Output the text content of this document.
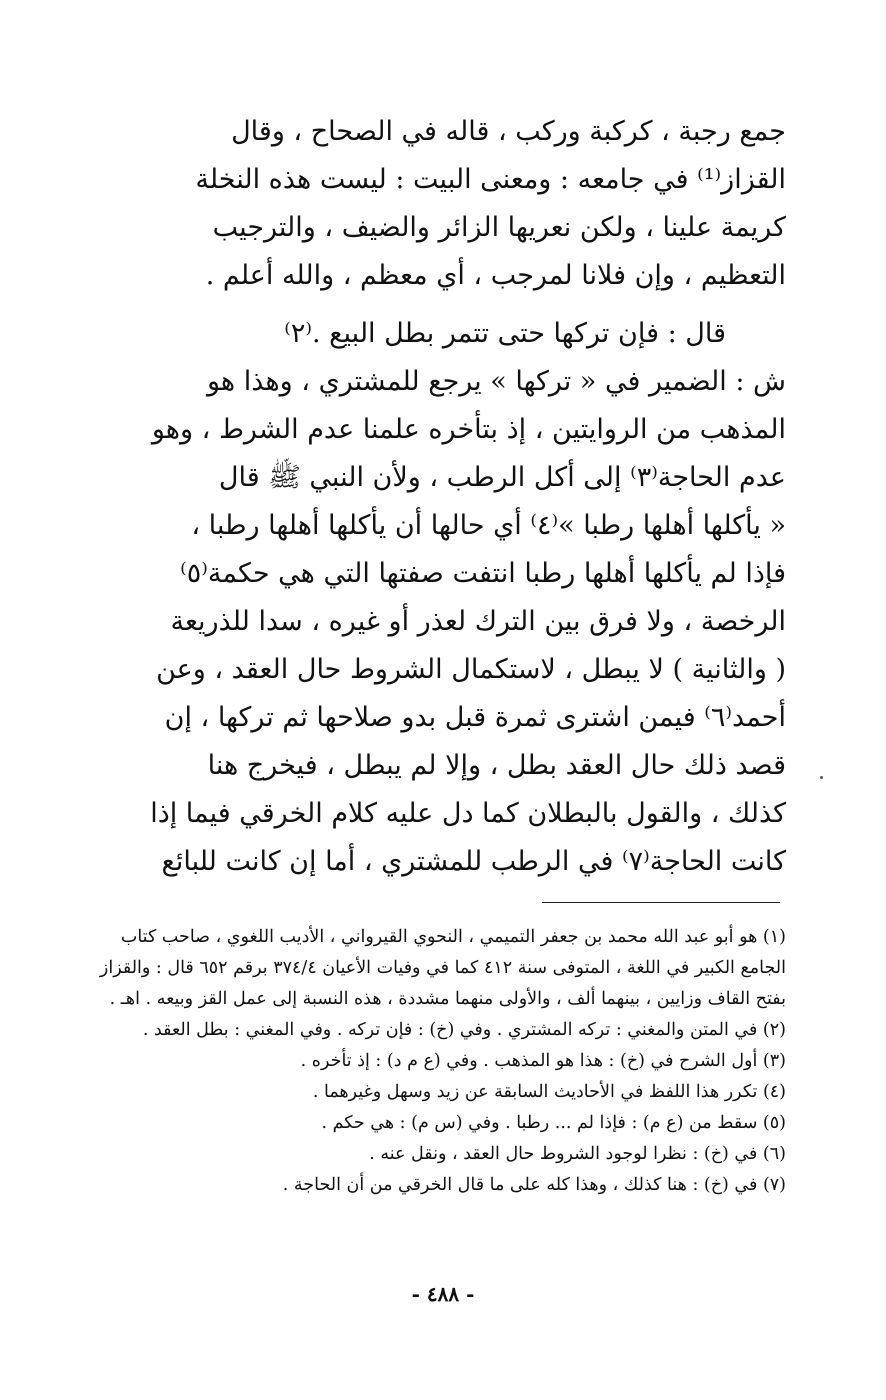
جمع رجبة ، كركبة وركب ، قاله في الصحاح ، وقال
القزاز⁽¹⁾ في جامعه : ومعنى البيت : ليست هذه النخلة
كريمة علينا ، ولكن نعريها الزائر والضيف ، والترجيب
التعظيم ، وإن فلانا لمرجب ، أي معظم ، والله أعلم .
قال : فإن تركها حتى تتمر بطل البيع .⁽٢⁾
ش : الضمير في « تركها » يرجع للمشتري ، وهذا هو
المذهب من الروايتين ، إذ بتأخره علمنا عدم الشرط ، وهو
عدم الحاجة⁽٣⁾ إلى أكل الرطب ، ولأن النبي ﷺ قال
« يأكلها أهلها رطبا »⁽٤⁾ أي حالها أن يأكلها أهلها رطبا ،
فإذا لم يأكلها أهلها رطبا انتفت صفتها التي هي حكمة⁽٥⁾
الرخصة ، ولا فرق بين الترك لعذر أو غيره ، سدا للذريعة
( والثانية ) لا يبطل ، لاستكمال الشروط حال العقد ، وعن
أحمد⁽٦⁾ فيمن اشترى ثمرة قبل بدو صلاحها ثم تركها ، إن
قصد ذلك حال العقد بطل ، وإلا لم يبطل ، فيخرج هنا
كذلك ، والقول بالبطلان كما دل عليه كلام الخرقي فيما إذا
كانت الحاجة⁽٧⁾ في الرطب للمشتري ، أما إن كانت للبائع
(١) هو أبو عبد الله محمد بن جعفر التميمي ، النحوي القيرواني ، الأديب اللغوي ، صاحب كتاب
الجامع الكبير في اللغة ، المتوفى سنة ٤١٢ كما في وفيات الأعيان ٣٧٤/٤ برقم ٦٥٢ قال : والقزاز
بفتح القاف وزايين ، بينهما ألف ، والأولى منهما مشددة ، هذه النسبة إلى عمل القز وبيعه . اهـ .
(٢) في المتن والمغني : تركه المشتري . وفي (خ) : فإن تركه . وفي المغني : بطل العقد .
(٣) أول الشرح في (خ) : هذا هو المذهب . وفي (ع م د) : إذ تأخره .
(٤) تكرر هذا اللفظ في الأحاديث السابقة عن زيد وسهل وغيرهما .
(٥) سقط من (ع م) : فإذا لم ... رطبا . وفي (س م) : هي حكم .
(٦) في (خ) : نظرا لوجود الشروط حال العقد ، ونقل عنه .
(٧) في (خ) : هنا كذلك ، وهذا كله على ما قال الخرقي من أن الحاجة .
- ٤٨٨ -
